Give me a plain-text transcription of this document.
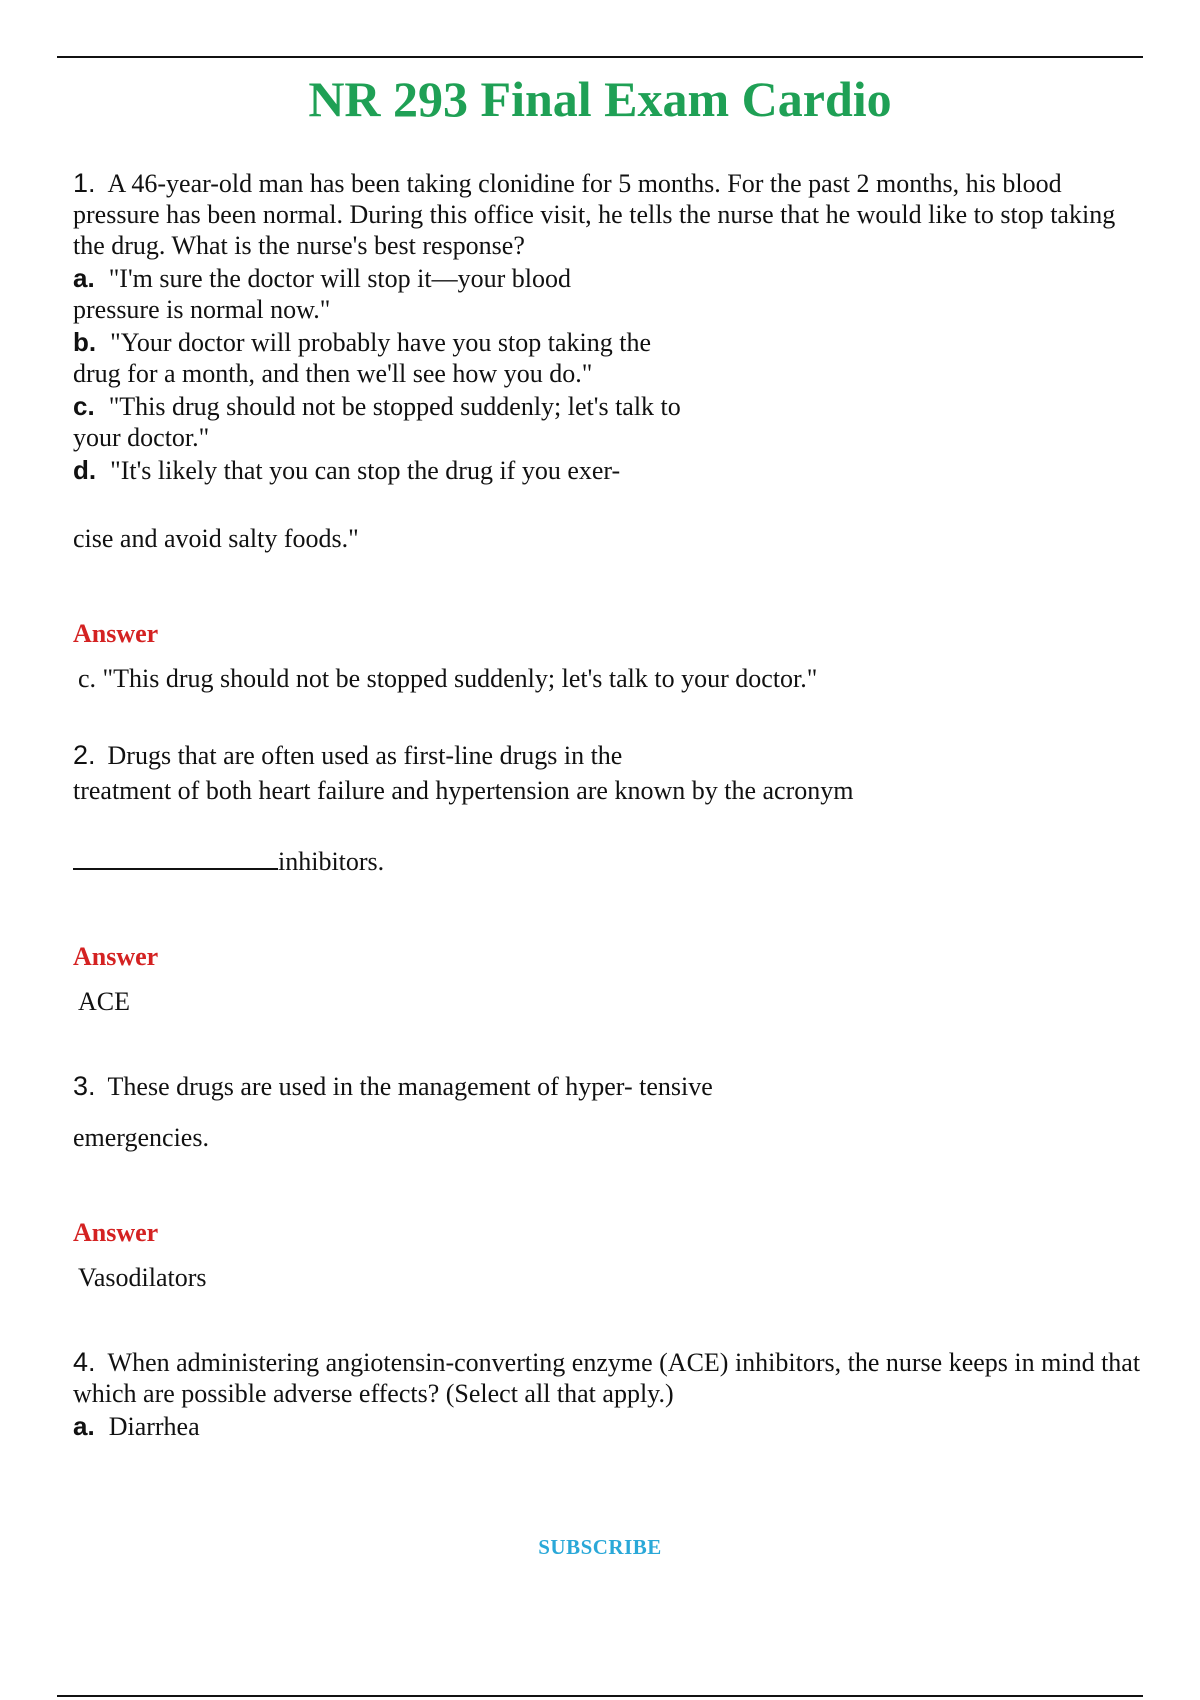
NR 293 Final Exam Cardio

1. A 46-year-old man has been taking clonidine for 5 months. For the past 2 months, his blood pressure has been normal. During this office visit, he tells the nurse that he would like to stop taking the drug. What is the nurse's best response?

a. "I'm sure the doctor will stop it—your blood
pressure is normal now."

b. "Your doctor will probably have you stop taking the
drug for a month, and then we'll see how you do."

c. "This drug should not be stopped suddenly; let's talk to
your doctor."

d. "It's likely that you can stop the drug if you exer-

cise and avoid salty foods."

Answer

c. "This drug should not be stopped suddenly; let's talk to your doctor."

2. Drugs that are often used as first-line drugs in the

treatment of both heart failure and hypertension are known by the acronym

inhibitors.

Answer

ACE

3. These drugs are used in the management of hyper- tensive

emergencies.

Answer

Vasodilators

4. When administering angiotensin-converting enzyme (ACE) inhibitors, the nurse keeps in mind that which are possible adverse effects? (Select all that apply.)

a. Diarrhea

SUBSCRIBE
